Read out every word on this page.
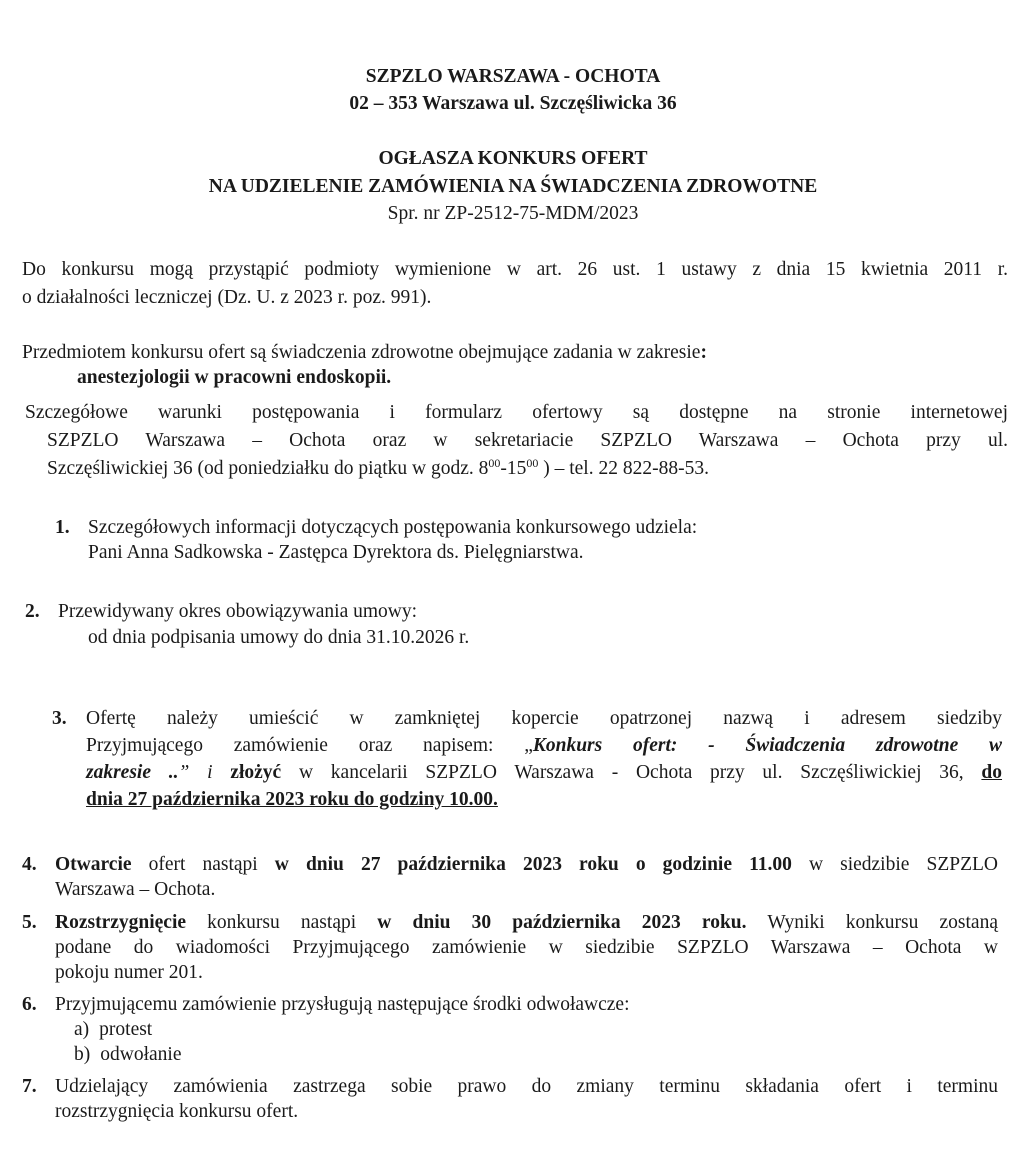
SZPZLO WARSZAWA - OCHOTA
02 – 353 Warszawa ul. Szczęśliwicka 36
OGŁASZA KONKURS OFERT
NA UDZIELENIE ZAMÓWIENIA NA ŚWIADCZENIA ZDROWOTNE
Spr. nr ZP-2512-75-MDM/2023
Do konkursu mogą przystąpić podmioty wymienione w art. 26 ust. 1 ustawy z dnia 15 kwietnia 2011 r.
o działalności leczniczej (Dz. U. z 2023 r. poz. 991).
Przedmiotem konkursu ofert są świadczenia zdrowotne obejmujące zadania w zakresie:
anestezjologii w pracowni endoskopii.
Szczegółowe warunki postępowania i formularz ofertowy są dostępne na stronie internetowej
SZPZLO Warszawa – Ochota oraz w sekretariacie SZPZLO Warszawa – Ochota przy ul.
Szczęśliwickiej 36 (od poniedziałku do piątku w godz. $8^{00}-15^{00}$ ) – tel. 22 822-88-53.
1. Szczegółowych informacji dotyczących postępowania konkursowego udziela:
Pani Anna Sadkowska - Zastępca Dyrektora ds. Pielęgniarstwa.
2. Przewidywany okres obowiązywania umowy:
od dnia podpisania umowy do dnia 31.10.2026 r.
3. Ofertę należy umieścić w zamkniętej kopercie opatrzonej nazwą i adresem siedziby
Przyjmującego zamówienie oraz napisem: „Konkurs ofert: - Świadczenia zdrowotne w
zakresie ..” i złożyć w kancelarii SZPZLO Warszawa - Ochota przy ul. Szczęśliwickiej 36, do
dnia 27 października 2023 roku do godziny 10.00.
4. Otwarcie ofert nastąpi w dniu 27 października 2023 roku o godzinie 11.00 w siedzibie SZPZLO
Warszawa – Ochota.
5. Rozstrzygnięcie konkursu nastąpi w dniu 30 października 2023 roku. Wyniki konkursu zostaną
podane do wiadomości Przyjmującego zamówienie w siedzibie SZPZLO Warszawa – Ochota w
pokoju numer 201.
6. Przyjmującemu zamówienie przysługują następujące środki odwoławcze:
a) protest
b) odwołanie
7. Udzielający zamówienia zastrzega sobie prawo do zmiany terminu składania ofert i terminu
rozstrzygnięcia konkursu ofert.
